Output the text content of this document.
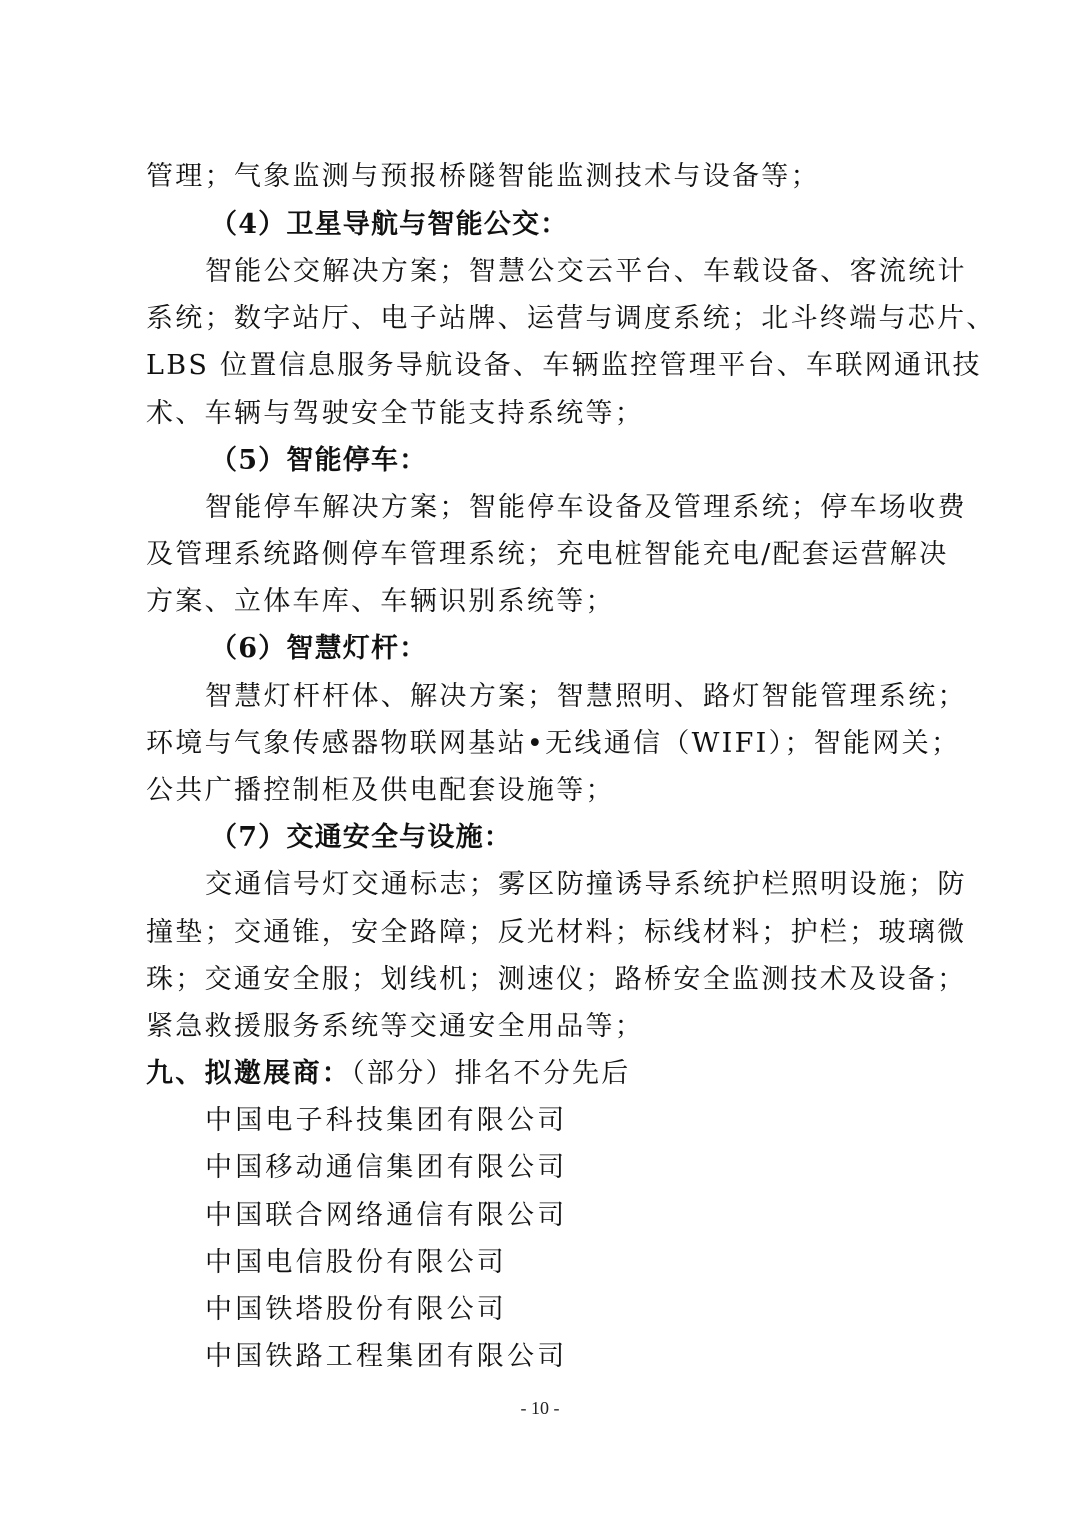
管理；气象监测与预报桥隧智能监测技术与设备等；
（4）卫星导航与智能公交：
智能公交解决方案；智慧公交云平台、车载设备、客流统计
系统；数字站厅、电子站牌、运营与调度系统；北斗终端与芯片、
LBS 位置信息服务导航设备、车辆监控管理平台、车联网通讯技
术、车辆与驾驶安全节能支持系统等；
（5）智能停车：
智能停车解决方案；智能停车设备及管理系统；停车场收费
及管理系统路侧停车管理系统；充电桩智能充电/配套运营解决
方案、立体车库、车辆识别系统等；
（6）智慧灯杆：
智慧灯杆杆体、解决方案；智慧照明、路灯智能管理系统；
环境与气象传感器物联网基站•无线通信（WIFI）；智能网关；
公共广播控制柜及供电配套设施等；
（7）交通安全与设施：
交通信号灯交通标志；雾区防撞诱导系统护栏照明设施；防
撞垫；交通锥，安全路障；反光材料；标线材料；护栏；玻璃微
珠；交通安全服；划线机；测速仪；路桥安全监测技术及设备；
紧急救援服务系统等交通安全用品等；
九、拟邀展商：（部分）排名不分先后
中国电子科技集团有限公司
中国移动通信集团有限公司
中国联合网络通信有限公司
中国电信股份有限公司
中国铁塔股份有限公司
中国铁路工程集团有限公司
- 10 -
